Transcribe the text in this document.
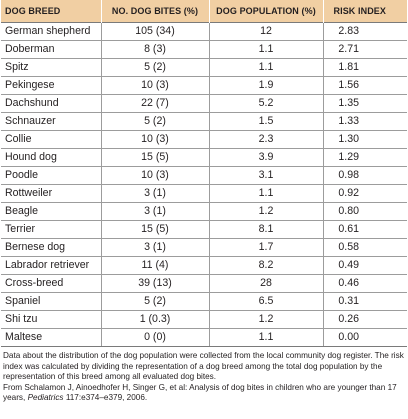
DOG BREED	NO. DOG BITES (%)	DOG POPULATION (%)	RISK INDEX
German shepherd	105 (34)	12	2.83
Doberman	8 (3)	1.1	2.71
Spitz	5 (2)	1.1	1.81
Pekingese	10 (3)	1.9	1.56
Dachshund	22 (7)	5.2	1.35
Schnauzer	5 (2)	1.5	1.33
Collie	10 (3)	2.3	1.30
Hound dog	15 (5)	3.9	1.29
Poodle	10 (3)	3.1	0.98
Rottweiler	3 (1)	1.1	0.92
Beagle	3 (1)	1.2	0.80
Terrier	15 (5)	8.1	0.61
Bernese dog	3 (1)	1.7	0.58
Labrador retriever	11 (4)	8.2	0.49
Cross-breed	39 (13)	28	0.46
Spaniel	5 (2)	6.5	0.31
Shi tzu	1 (0.3)	1.2	0.26
Maltese	0 (0)	1.1	0.00

Data about the distribution of the dog population were collected from the local community dog register. The risk index was calculated by dividing the representation of a dog breed among the total dog population by the representation of this breed among all evaluated dog bites.

From Schalamon J, Ainoedhofer H, Singer G, et al: Analysis of dog bites in children who are younger than 17 years, Pediatrics 117:e374–e379, 2006.
